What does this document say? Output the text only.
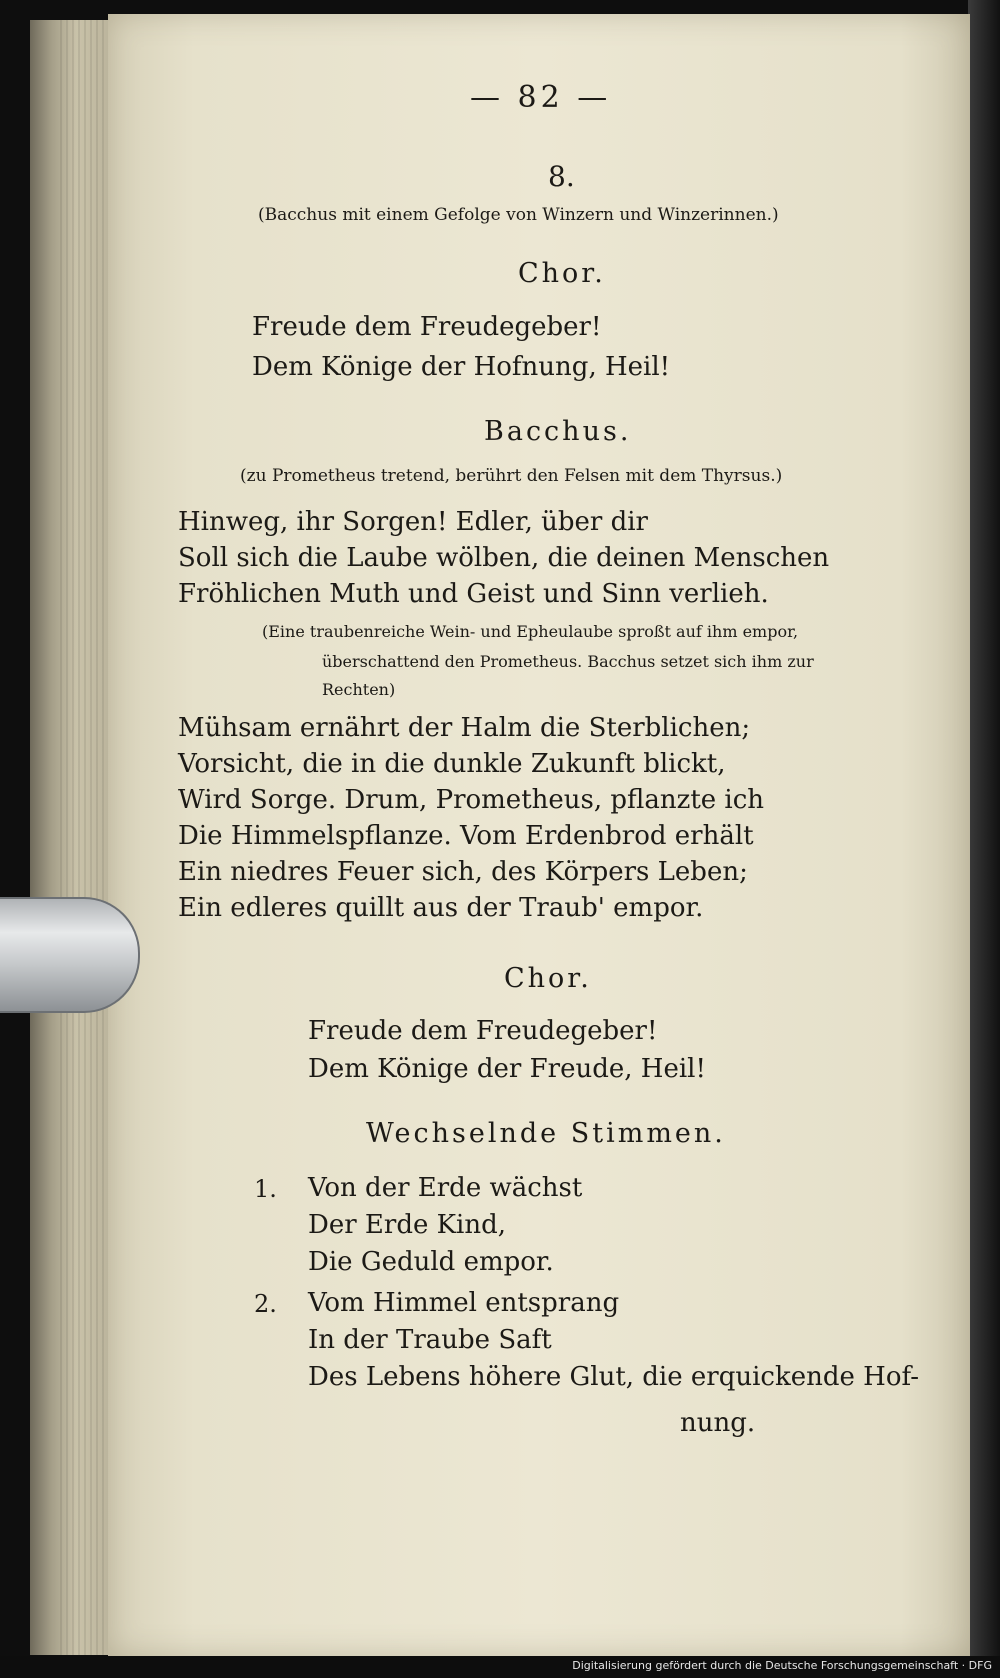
— 82 —
8.
(Bacchus mit einem Gefolge von Winzern und Winzerinnen.)
Chor.
Freude dem Freudegeber!
Dem Könige der Hofnung, Heil!
Bacchus.
(zu Prometheus tretend, berührt den Felsen mit dem Thyrsus.)
Hinweg, ihr Sorgen! Edler, über dir
Soll sich die Laube wölben, die deinen Menschen
Fröhlichen Muth und Geist und Sinn verlieh.
(Eine traubenreiche Wein- und Epheulaube sproßt auf ihm empor,
überschattend den Prometheus. Bacchus setzet sich ihm zur
Rechten)
Mühsam ernährt der Halm die Sterblichen;
Vorsicht, die in die dunkle Zukunft blickt,
Wird Sorge. Drum, Prometheus, pflanzte ich
Die Himmelspflanze. Vom Erdenbrod erhält
Ein niedres Feuer sich, des Körpers Leben;
Ein edleres quillt aus der Traub' empor.
Chor.
Freude dem Freudegeber!
Dem Könige der Freude, Heil!
Wechselnde Stimmen.
1. Von der Erde wächst
Der Erde Kind,
Die Geduld empor.
2. Vom Himmel entsprang
In der Traube Saft
Des Lebens höhere Glut, die erquickende Hof-
nung.
Digitalisierung gefördert durch die Deutsche Forschungsgemeinschaft · DFG
